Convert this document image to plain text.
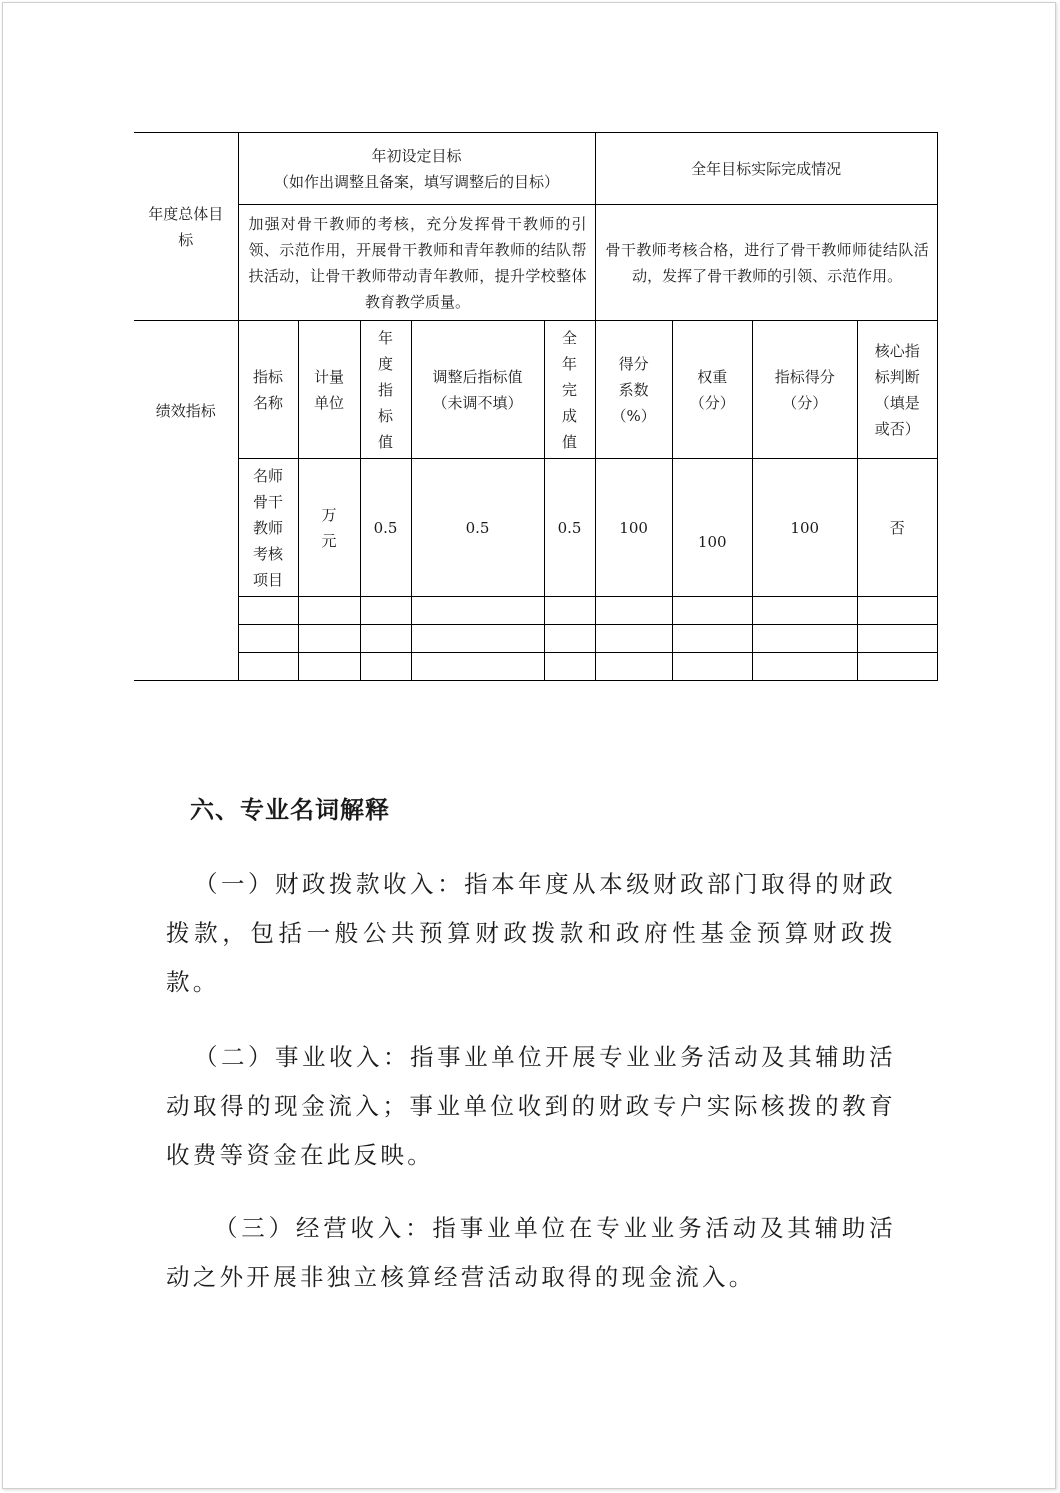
年度总体目标	年初设定目标
（如作出调整且备案，填写调整后的目标）					全年目标实际完成情况			

	加强对骨干教师的考核，充分发挥骨干教师的引领、示范作用，开展骨干教师和青年教师的结队帮扶活动，让骨干教师带动青年教师，提升学校整体教育教学质量。					骨干教师考核合格，进行了骨干教师师徒结队活动，发挥了骨干教师的引领、示范作用。			

绩效指标	指标名称	计量单位	年度指标值	调整后指标值（未调不填）	全年完成值	得分系数（%）	权重（分）	指标得分（分）	核心指标判断（填是或否）
	名师骨干教师考核项目	万元	0.5	0.5	0.5	100	100	100	否

六、专业名词解释

（一）财政拨款收入：指本年度从本级财政部门取得的财政拨款，包括一般公共预算财政拨款和政府性基金预算财政拨款。

（二）事业收入：指事业单位开展专业业务活动及其辅助活动取得的现金流入；事业单位收到的财政专户实际核拨的教育收费等资金在此反映。

（三）经营收入：指事业单位在专业业务活动及其辅助活动之外开展非独立核算经营活动取得的现金流入。
